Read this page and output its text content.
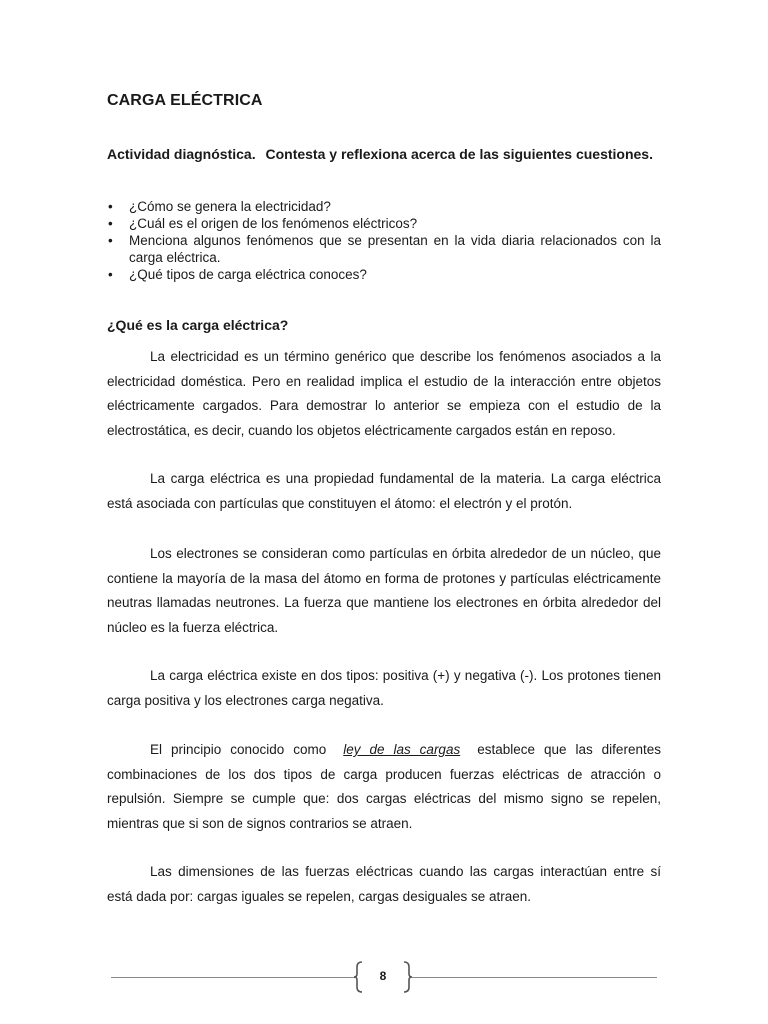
CARGA ELÉCTRICA

Actividad diagnóstica. Contesta y reflexiona acerca de las siguientes cuestiones.

• ¿Cómo se genera la electricidad?
• ¿Cuál es el origen de los fenómenos eléctricos?
• Menciona algunos fenómenos que se presentan en la vida diaria relacionados con la carga eléctrica.
• ¿Qué tipos de carga eléctrica conoces?
¿Qué es la carga eléctrica?

La electricidad es un término genérico que describe los fenómenos asociados a la electricidad doméstica. Pero en realidad implica el estudio de la interacción entre objetos eléctricamente cargados. Para demostrar lo anterior se empieza con el estudio de la electrostática, es decir, cuando los objetos eléctricamente cargados están en reposo.

La carga eléctrica es una propiedad fundamental de la materia. La carga eléctrica está asociada con partículas que constituyen el átomo: el electrón y el protón.

Los electrones se consideran como partículas en órbita alrededor de un núcleo, que contiene la mayoría de la masa del átomo en forma de protones y partículas eléctricamente neutras llamadas neutrones. La fuerza que mantiene los electrones en órbita alrededor del núcleo es la fuerza eléctrica.

La carga eléctrica existe en dos tipos: positiva (+) y negativa (-). Los protones tienen carga positiva y los electrones carga negativa.

El principio conocido como ley de las cargas establece que las diferentes combinaciones de los dos tipos de carga producen fuerzas eléctricas de atracción o repulsión. Siempre se cumple que: dos cargas eléctricas del mismo signo se repelen, mientras que si son de signos contrarios se atraen.

Las dimensiones de las fuerzas eléctricas cuando las cargas interactúan entre sí está dada por: cargas iguales se repelen, cargas desiguales se atraen.

8
